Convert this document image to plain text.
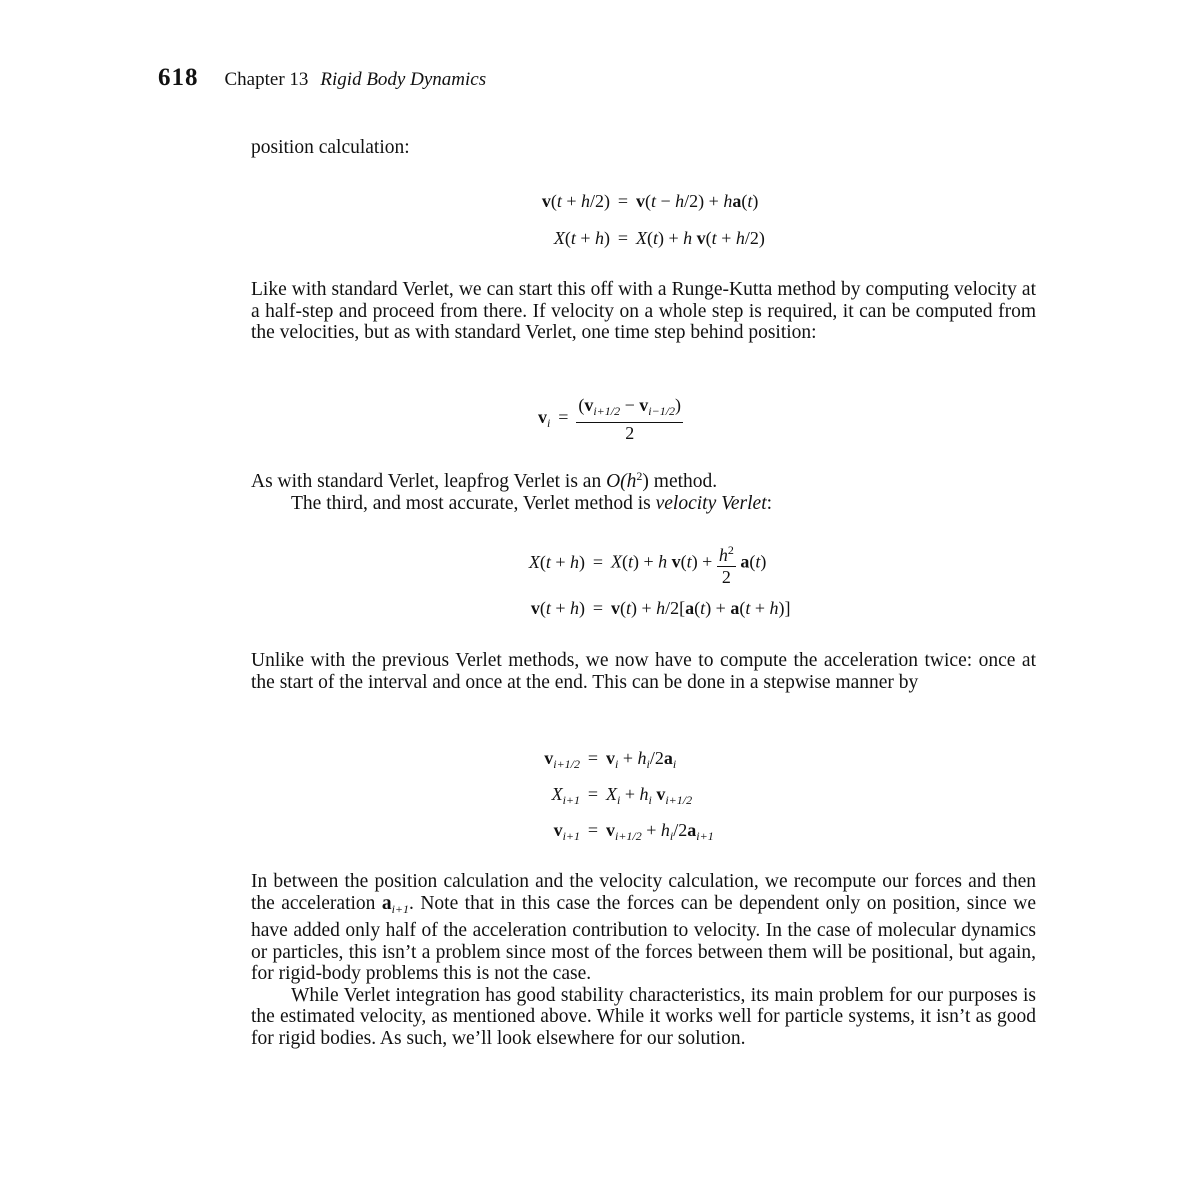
618 Chapter 13 Rigid Body Dynamics

position calculation:

v(t + h/2) = v(t − h/2) + ha(t)
X(t + h) = X(t) + h v(t + h/2)

Like with standard Verlet, we can start this off with a Runge-Kutta method by computing velocity at a half-step and proceed from there. If velocity on a whole step is required, it can be computed from the velocities, but as with standard Verlet, one time step behind position:

$v_i = \frac{(v_{i+1/2} - v_{i-1/2})}{2}$

As with standard Verlet, leapfrog Verlet is an $O(h^2)$ method.

The third, and most accurate, Verlet method is velocity Verlet:

X(t + h) = X(t) + h $v(t) + \frac{h^2}{2} a(t)$
v(t + h) = v(t) + h/2[a(t) + a(t + h)]

Unlike with the previous Verlet methods, we now have to compute the acceleration twice: once at the start of the interval and once at the end. This can be done in a stepwise manner by

$v_{i+1/2} = v_i + h_i/2a_i$
$X_{i+1} = X_i + h_i$ $v_{i+1/2}$
$v_{i+1} = v_{i+1/2} + h_i/2a_{i+1}$

In between the position calculation and the velocity calculation, we recompute our forces and then the acceleration $a_{i+1}$. Note that in this case the forces can be dependent only on position, since we have added only half of the acceleration contribution to velocity. In the case of molecular dynamics or particles, this isn’t a problem since most of the forces between them will be positional, but again, for rigid-body problems this is not the case.

While Verlet integration has good stability characteristics, its main problem for our purposes is the estimated velocity, as mentioned above. While it works well for particle systems, it isn’t as good for rigid bodies. As such, we’ll look elsewhere for our solution.
